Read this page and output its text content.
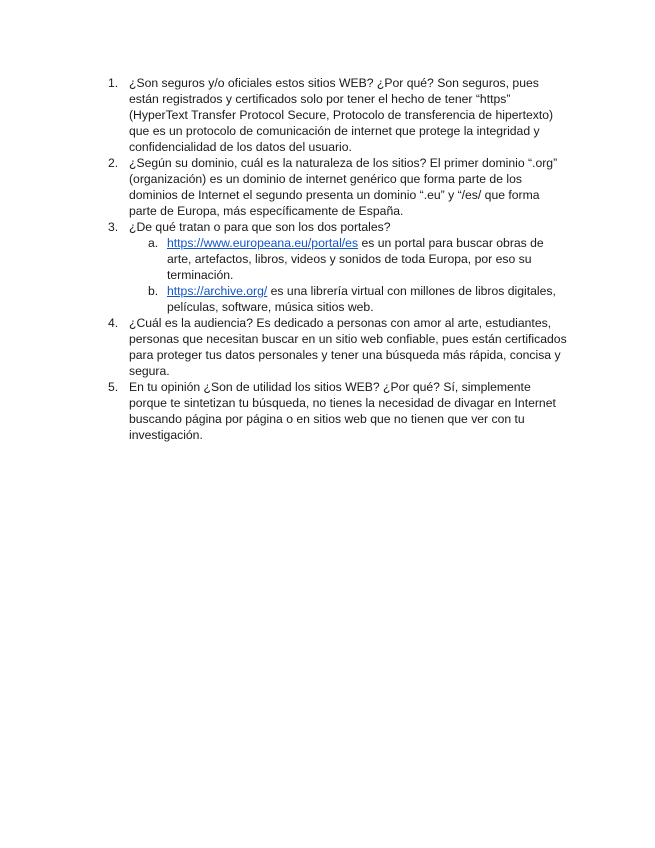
1. ¿Son seguros y/o oficiales estos sitios WEB? ¿Por qué? Son seguros, pues están registrados y certificados solo por tener el hecho de tener “https” (HyperText Transfer Protocol Secure, Protocolo de transferencia de hipertexto) que es un protocolo de comunicación de internet que protege la integridad y confidencialidad de los datos del usuario.
2. ¿Según su dominio, cuál es la naturaleza de los sitios? El primer dominio “.org” (organización) es un dominio de internet genérico que forma parte de los dominios de Internet el segundo presenta un dominio “.eu” y “/es/ que forma parte de Europa, más específicamente de España.
3. ¿De qué tratan o para que son los dos portales?
a. https://www.europeana.eu/portal/es es un portal para buscar obras de arte, artefactos, libros, videos y sonidos de toda Europa, por eso su terminación.
b. https://archive.org/ es una librería virtual con millones de libros digitales, películas, software, música sitios web.
4. ¿Cuál es la audiencia? Es dedicado a personas con amor al arte, estudiantes, personas que necesitan buscar en un sitio web confiable, pues están certificados para proteger tus datos personales y tener una búsqueda más rápida, concisa y segura.
5. En tu opinión ¿Son de utilidad los sitios WEB? ¿Por qué? Sí, simplemente porque te sintetizan tu búsqueda, no tienes la necesidad de divagar en Internet buscando página por página o en sitios web que no tienen que ver con tu investigación.
